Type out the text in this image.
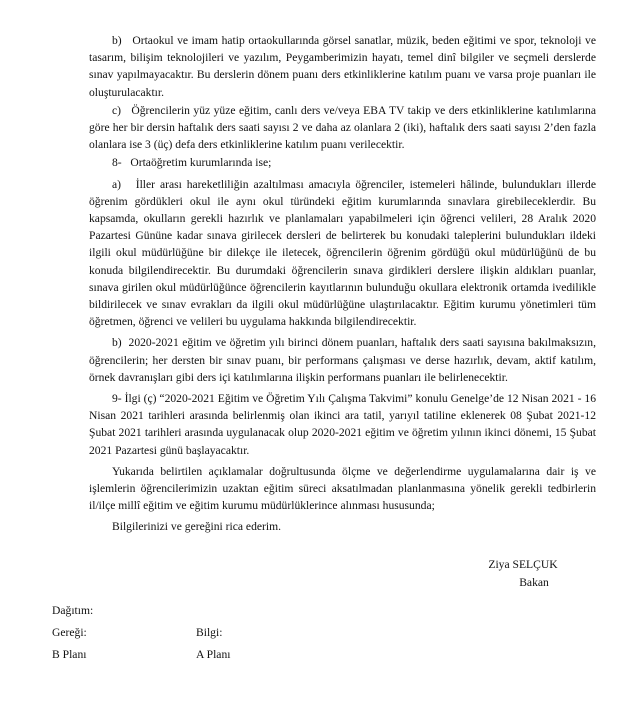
b)   Ortaokul ve imam hatip ortaokullarında görsel sanatlar, müzik, beden eğitimi ve spor, teknoloji ve tasarım, bilişim teknolojileri ve yazılım, Peygamberimizin hayatı, temel dinî bilgiler ve seçmeli derslerde sınav yapılmayacaktır. Bu derslerin dönem puanı ders etkinliklerine katılım puanı ve varsa proje puanları ile oluşturulacaktır.

c)   Öğrencilerin yüz yüze eğitim, canlı ders ve/veya EBA TV takip ve ders etkinliklerine katılımlarına göre her bir dersin haftalık ders saati sayısı 2 ve daha az olanlara 2 (iki), haftalık ders saati sayısı 2’den fazla olanlara ise 3 (üç) defa ders etkinliklerine katılım puanı verilecektir.

8-   Ortaöğretim kurumlarında ise;

a)   İller arası hareketliliğin azaltılması amacıyla öğrenciler, istemeleri hâlinde, bulundukları illerde öğrenim gördükleri okul ile aynı okul türündeki eğitim kurumlarında sınavlara girebileceklerdir. Bu kapsamda, okulların gerekli hazırlık ve planlamaları yapabilmeleri için öğrenci velileri, 28 Aralık 2020 Pazartesi Gününe kadar sınava girilecek dersleri de belirterek bu konudaki taleplerini bulundukları ildeki ilgili okul müdürlüğüne bir dilekçe ile iletecek, öğrencilerin öğrenim gördüğü okul müdürlüğünü de bu konuda bilgilendirecektir. Bu durumdaki öğrencilerin sınava girdikleri derslere ilişkin aldıkları puanlar, sınava girilen okul müdürlüğünce öğrencilerin kayıtlarının bulunduğu okullara elektronik ortamda ivedilikle bildirilecek ve sınav evrakları da ilgili okul müdürlüğüne ulaştırılacaktır. Eğitim kurumu yönetimleri tüm öğretmen, öğrenci ve velileri bu uygulama hakkında bilgilendirecektir.

b)  2020-2021 eğitim ve öğretim yılı birinci dönem puanları, haftalık ders saati sayısına bakılmaksızın, öğrencilerin; her dersten bir sınav puanı, bir performans çalışması ve derse hazırlık, devam, aktif katılım, örnek davranışları gibi ders içi katılımlarına ilişkin performans puanları ile belirlenecektir.

9- İlgi (ç) “2020-2021 Eğitim ve Öğretim Yılı Çalışma Takvimi” konulu Genelge’de 12 Nisan 2021 - 16 Nisan 2021 tarihleri arasında belirlenmiş olan ikinci ara tatil, yarıyıl tatiline eklenerek 08 Şubat 2021-12 Şubat 2021 tarihleri arasında uygulanacak olup 2020-2021 eğitim ve öğretim yılının ikinci dönemi, 15 Şubat 2021 Pazartesi günü başlayacaktır.

Yukarıda belirtilen açıklamalar doğrultusunda ölçme ve değerlendirme uygulamalarına dair iş ve işlemlerin öğrencilerimizin uzaktan eğitim süreci aksatılmadan planlanmasına yönelik gerekli tedbirlerin il/ilçe millî eğitim ve eğitim kurumu müdürlüklerince alınması hususunda;

Bilgilerinizi ve gereğini rica ederim.

Ziya SELÇUK
Bakan
Dağıtım:
Gereği:	Bilgi:
B Planı	A Planı
